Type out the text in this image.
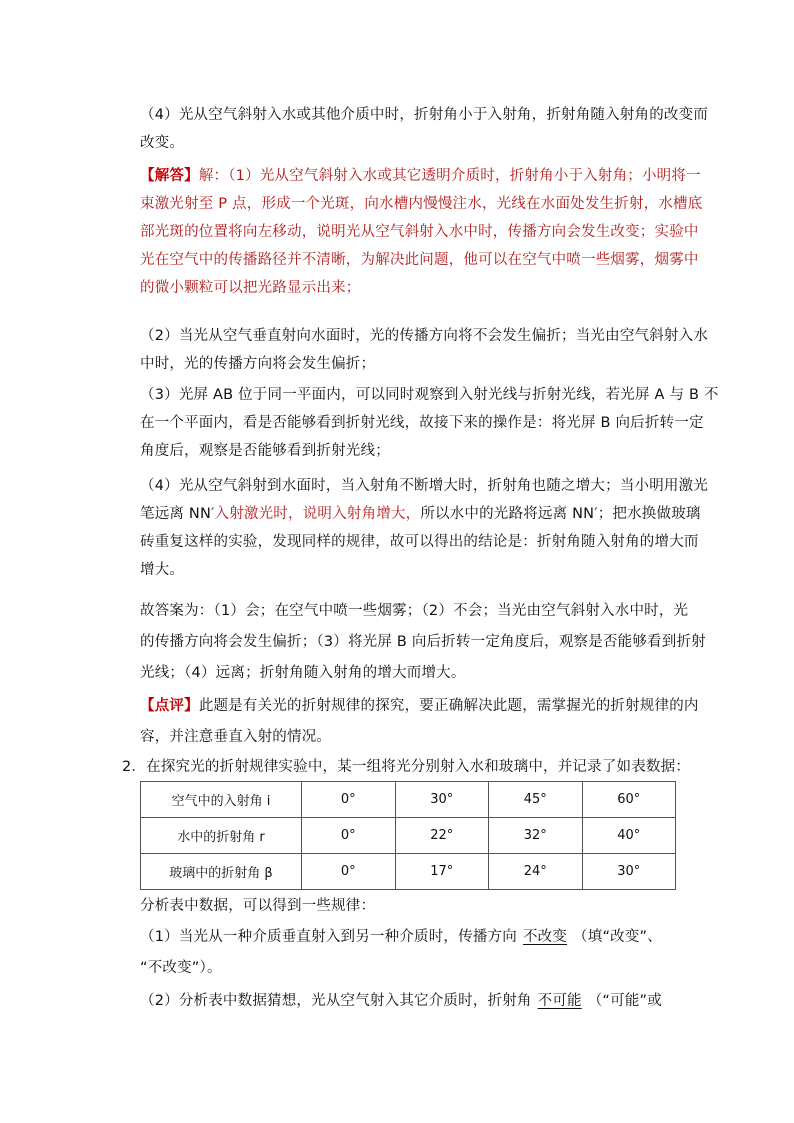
（4）光从空气斜射入水或其他介质中时，折射角小于入射角，折射角随入射角的改变而
改变。
【解答】解：（1）光从空气斜射入水或其它透明介质时，折射角小于入射角；小明将一
束激光射至 P 点，形成一个光斑，向水槽内慢慢注水，光线在水面处发生折射，水槽底
部光斑的位置将向左移动，说明光从空气斜射入水中时，传播方向会发生改变；实验中
光在空气中的传播路径并不清晰，为解决此问题，他可以在空气中喷一些烟雾，烟雾中
的微小颗粒可以把光路显示出来；
（2）当光从空气垂直射向水面时，光的传播方向将不会发生偏折；当光由空气斜射入水
中时，光的传播方向将会发生偏折；
（3）光屏 AB 位于同一平面内，可以同时观察到入射光线与折射光线，若光屏 A 与 B 不
在一个平面内，看是否能够看到折射光线，故接下来的操作是：将光屏 B 向后折转一定
角度后，观察是否能够看到折射光线；
（4）光从空气斜射到水面时，当入射角不断增大时，折射角也随之增大；当小明用激光
笔远离 NN′入射激光时，说明入射角增大，所以水中的光路将远离 NN′；把水换做玻璃
砖重复这样的实验，发现同样的规律，故可以得出的结论是：折射角随入射角的增大而
增大。
故答案为：（1）会；在空气中喷一些烟雾；（2）不会；当光由空气斜射入水中时，光
的传播方向将会发生偏折；（3）将光屏 B 向后折转一定角度后，观察是否能够看到折射
光线；（4）远离；折射角随入射角的增大而增大。
【点评】此题是有关光的折射规律的探究，要正确解决此题，需掌握光的折射规律的内
容，并注意垂直入射的情况。
2．在探究光的折射规律实验中，某一组将光分别射入水和玻璃中，并记录了如表数据：
空气中的入射角 i	0°	30°	45°	60°
水中的折射角 r	0°	22°	32°	40°
玻璃中的折射角 β	0°	17°	24°	30°
分析表中数据，可以得到一些规律：
（1）当光从一种介质垂直射入到另一种介质时，传播方向 不改变 （填“改变”、
“不改变”）。
（2）分析表中数据猜想，光从空气射入其它介质时，折射角 不可能 （“可能”或
